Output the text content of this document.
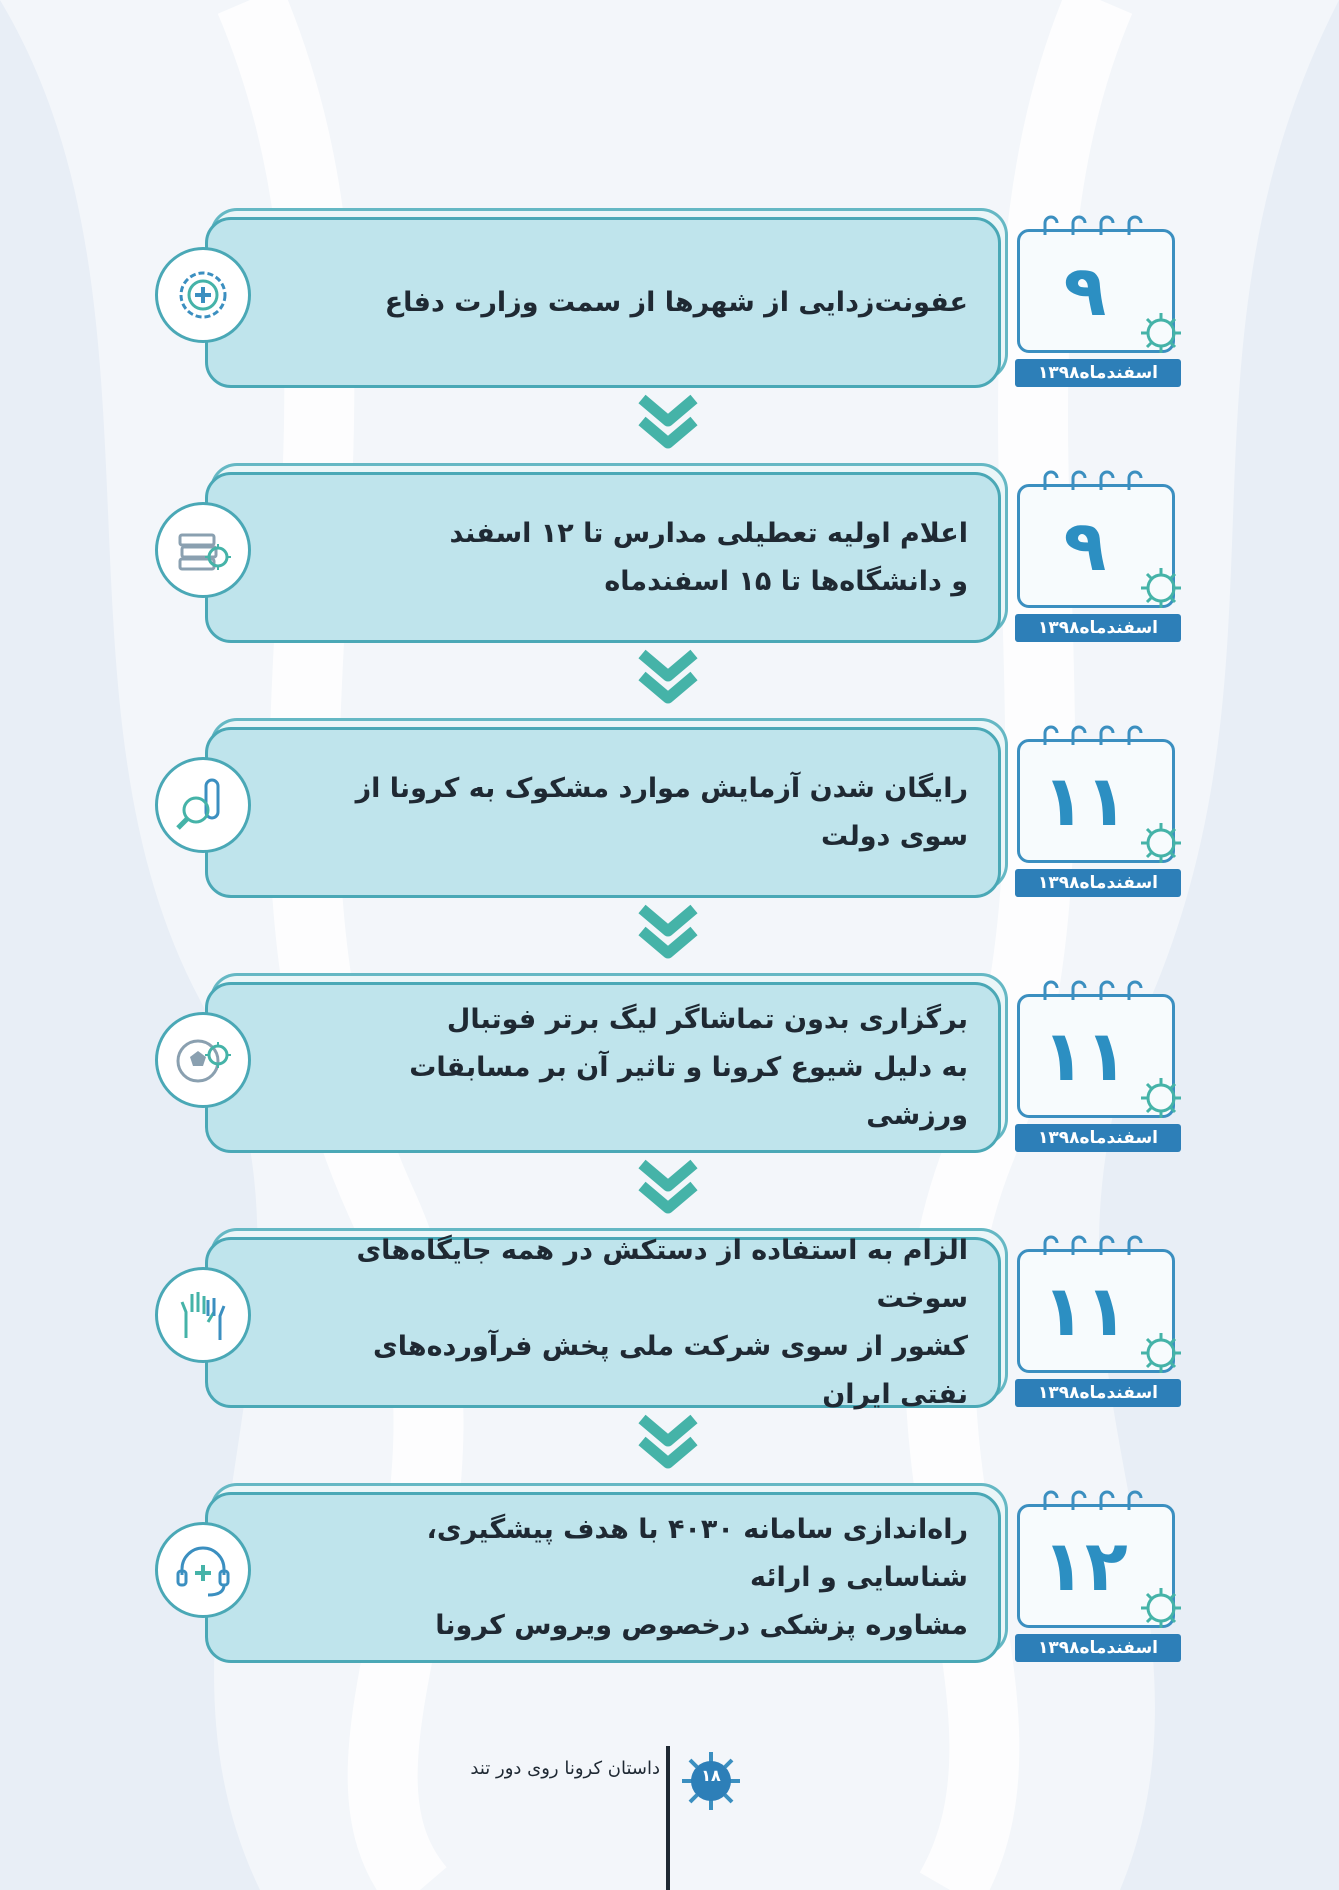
عفونت‌زدایی از شهرها از سمت وزارت دفاع	۹
اسفندماه۱۳۹۸
اعلام اولیه تعطیلی مدارس تا ۱۲ اسفند
و دانشگاه‌ها تا ۱۵ اسفندماه	۹
اسفندماه۱۳۹۸
رایگان شدن آزمایش موارد مشکوک به کرونا از سوی دولت	۱۱
اسفندماه۱۳۹۸
برگزاری بدون تماشاگر لیگ برتر فوتبال
به دلیل شیوع کرونا و تاثیر آن بر مسابقات ورزشی
۱۱
اسفندماه۱۳۹۸
الزام به استفاده از دستکش در همه جایگاه‌های سوخت
کشور از سوی شرکت ملی پخش فرآورده‌های نفتی ایران
۱۱
اسفندماه۱۳۹۸
راه‌اندازی سامانه ۴۰۳۰ با هدف پیشگیری، شناسایی و ارائه
مشاوره پزشکی درخصوص ویروس کرونا
۱۲
اسفندماه۱۳۹۸
داستان کرونا روی دور تند	۱۸
